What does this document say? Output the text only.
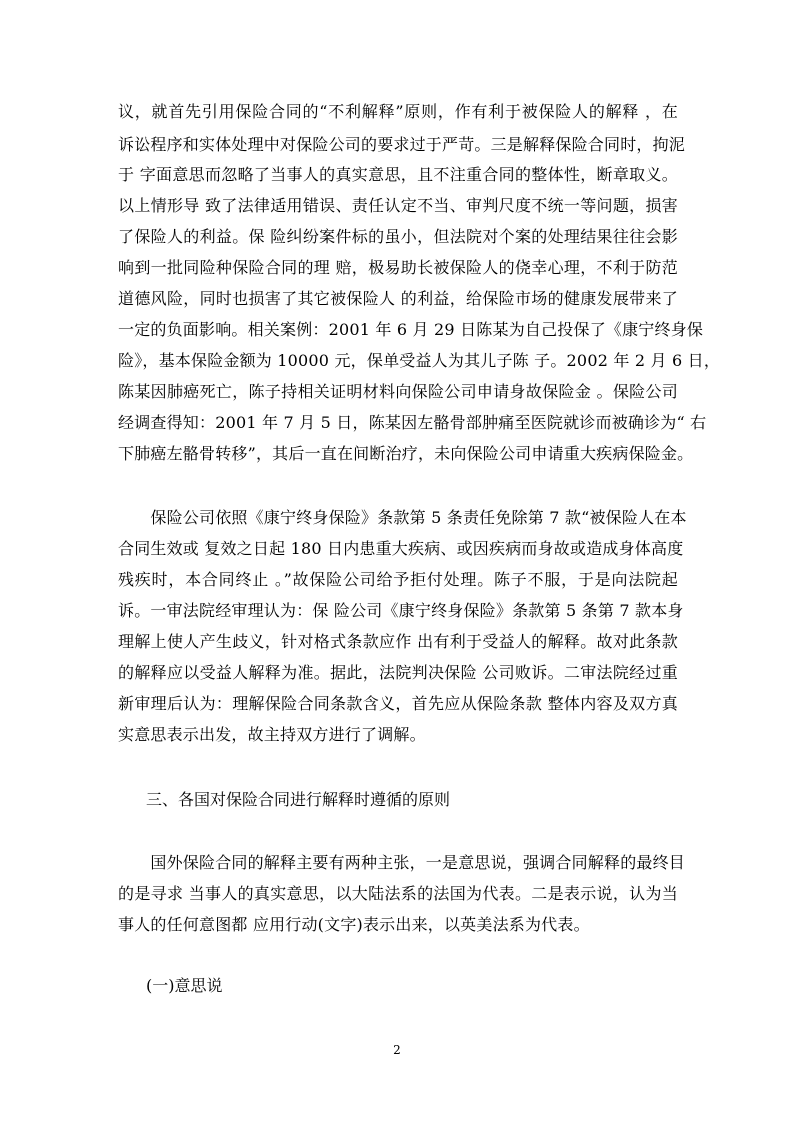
议，就首先引用保险合同的“不利解释”原则，作有利于被保险人的解释 ，在
诉讼程序和实体处理中对保险公司的要求过于严苛。三是解释保险合同时，拘泥
于 字面意思而忽略了当事人的真实意思，且不注重合同的整体性，断章取义。
以上情形导 致了法律适用错误、责任认定不当、审判尺度不统一等问题，损害
了保险人的利益。保 险纠纷案件标的虽小，但法院对个案的处理结果往往会影
响到一批同险种保险合同的理 赔，极易助长被保险人的侥幸心理，不利于防范
道德风险，同时也损害了其它被保险人 的利益，给保险市场的健康发展带来了
一定的负面影响。相关案例：2001 年 6 月 29 日陈某为自己投保了《康宁终身保
险》，基本保险金额为 10000 元，保单受益人为其儿子陈 子。2002 年 2 月 6 日，
陈某因肺癌死亡，陈子持相关证明材料向保险公司申请身故保险金 。保险公司
经调查得知：2001 年 7 月 5 日，陈某因左骼骨部肿痛至医院就诊而被确诊为“ 右
下肺癌左骼骨转移”，其后一直在间断治疗，未向保险公司申请重大疾病保险金。
　　保险公司依照《康宁终身保险》条款第 5 条责任免除第 7 款“被保险人在本
合同生效或 复效之日起 180 日内患重大疾病、或因疾病而身故或造成身体高度
残疾时，本合同终止 。”故保险公司给予拒付处理。陈子不服，于是向法院起
诉。一审法院经审理认为：保 险公司《康宁终身保险》条款第 5 条第 7 款本身
理解上使人产生歧义，针对格式条款应作 出有利于受益人的解释。故对此条款
的解释应以受益人解释为准。据此，法院判决保险 公司败诉。二审法院经过重
新审理后认为：理解保险合同条款含义，首先应从保险条款 整体内容及双方真
实意思表示出发，故主持双方进行了调解。
三、各国对保险合同进行解释时遵循的原则
　　国外保险合同的解释主要有两种主张，一是意思说，强调合同解释的最终目
的是寻求 当事人的真实意思，以大陆法系的法国为代表。二是表示说，认为当
事人的任何意图都 应用行动(文字)表示出来，以英美法系为代表。
(一)意思说
2
